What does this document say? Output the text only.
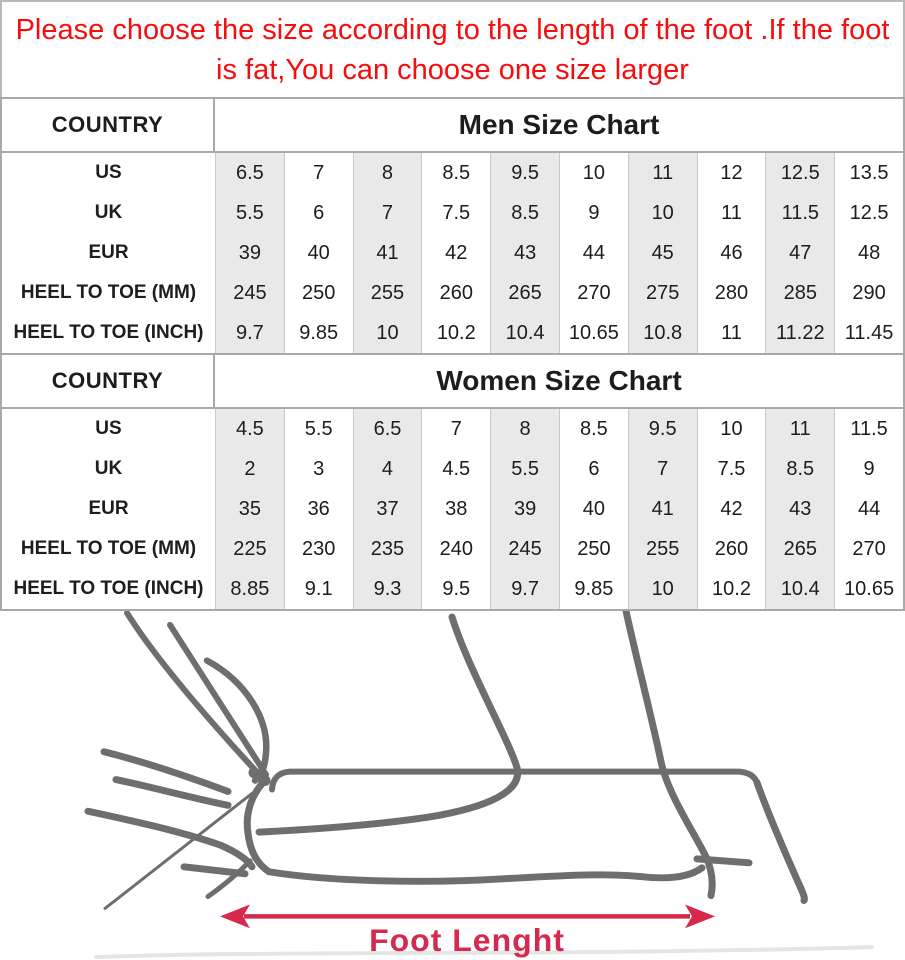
Please choose the size according to the length of the foot .If the foot
is fat,You can choose one size larger
COUNTRY	Men Size Chart
US	6.5	7	8	8.5	9.5	10	11	12	12.5	13.5
UK	5.5	6	7	7.5	8.5	9	10	11	11.5	12.5
EUR	39	40	41	42	43	44	45	46	47	48
HEEL TO TOE (MM)	245	250	255	260	265	270	275	280	285	290
HEEL TO TOE (INCH)	9.7	9.85	10	10.2	10.4	10.65	10.8	11	11.22	11.45
COUNTRY	Women Size Chart
US	4.5	5.5	6.5	7	8	8.5	9.5	10	11	11.5
UK	2	3	4	4.5	5.5	6	7	7.5	8.5	9
EUR	35	36	37	38	39	40	41	42	43	44
HEEL TO TOE (MM)	225	230	235	240	245	250	255	260	265	270
HEEL TO TOE (INCH)	8.85	9.1	9.3	9.5	9.7	9.85	10	10.2	10.4	10.65
Foot Lenght
